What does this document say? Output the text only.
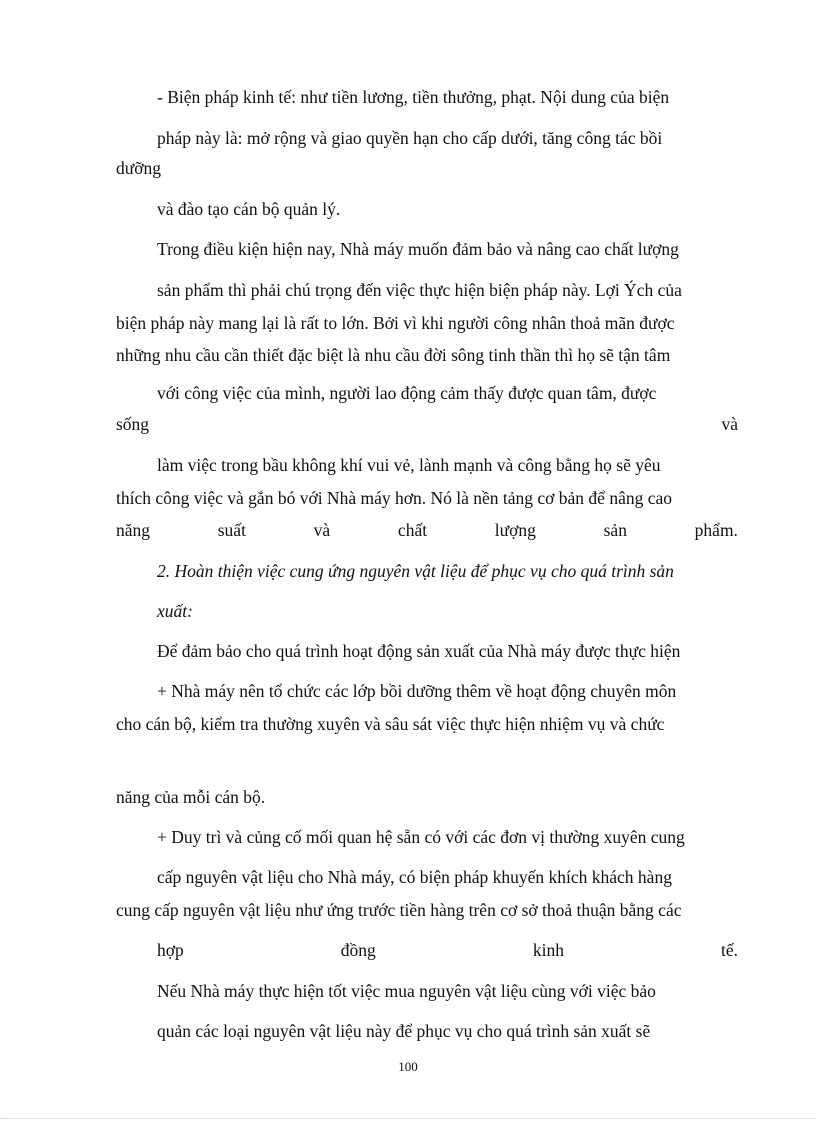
- Biện pháp kinh tế: như tiền lương, tiền thưởng, phạt. Nội dung của biện

pháp này là: mở rộng và giao quyền hạn cho cấp dưới, tăng công tác bồi

dưỡng

và đào tạo cán bộ quản lý.

Trong điều kiện hiện nay, Nhà máy muốn đảm bảo và nâng cao chất lượng

sản phẩm thì phải chú trọng đến việc thực hiện biện pháp này. Lợi Ých của

biện pháp này mang lại là rất to lớn. Bởi vì khi người công nhân thoả mãn được

những nhu cầu cần thiết đặc biệt là nhu cầu đời sông tinh thần thì họ sẽ tận tâm

với công việc của mình, người lao động cảm thấy được quan tâm, được

sống	và

làm việc trong bầu không khí vui vẻ, lành mạnh và công bằng họ sẽ yêu

thích công việc và gắn bó với Nhà máy hơn. Nó là nền tảng cơ bản để nâng cao

năng	suất	và	chất	lượng	sản	phẩm.

2. Hoàn thiện việc cung ứng nguyên vật liệu để phục vụ cho quá trình sản

xuất:

Để đảm bảo cho quá trình hoạt động sản xuất của Nhà máy được thực hiện

+ Nhà máy nên tổ chức các lớp bồi dưỡng thêm về hoạt động chuyên môn

cho cán bộ, kiểm tra thường xuyên và sâu sát việc thực hiện nhiệm vụ và chức

năng của mỗi cán bộ.

+ Duy trì và củng cố mối quan hệ sẵn có với các đơn vị thường xuyên cung

cấp nguyên vật liệu cho Nhà máy, có biện pháp khuyến khích khách hàng

cung cấp nguyên vật liệu như ứng trước tiền hàng trên cơ sở thoả thuận bằng các

hợp	đồng	kinh	tế.

Nếu Nhà máy thực hiện tốt việc mua nguyên vật liệu cùng với việc bảo

quản các loại nguyên vật liệu này để phục vụ cho quá trình sản xuất sẽ

100
